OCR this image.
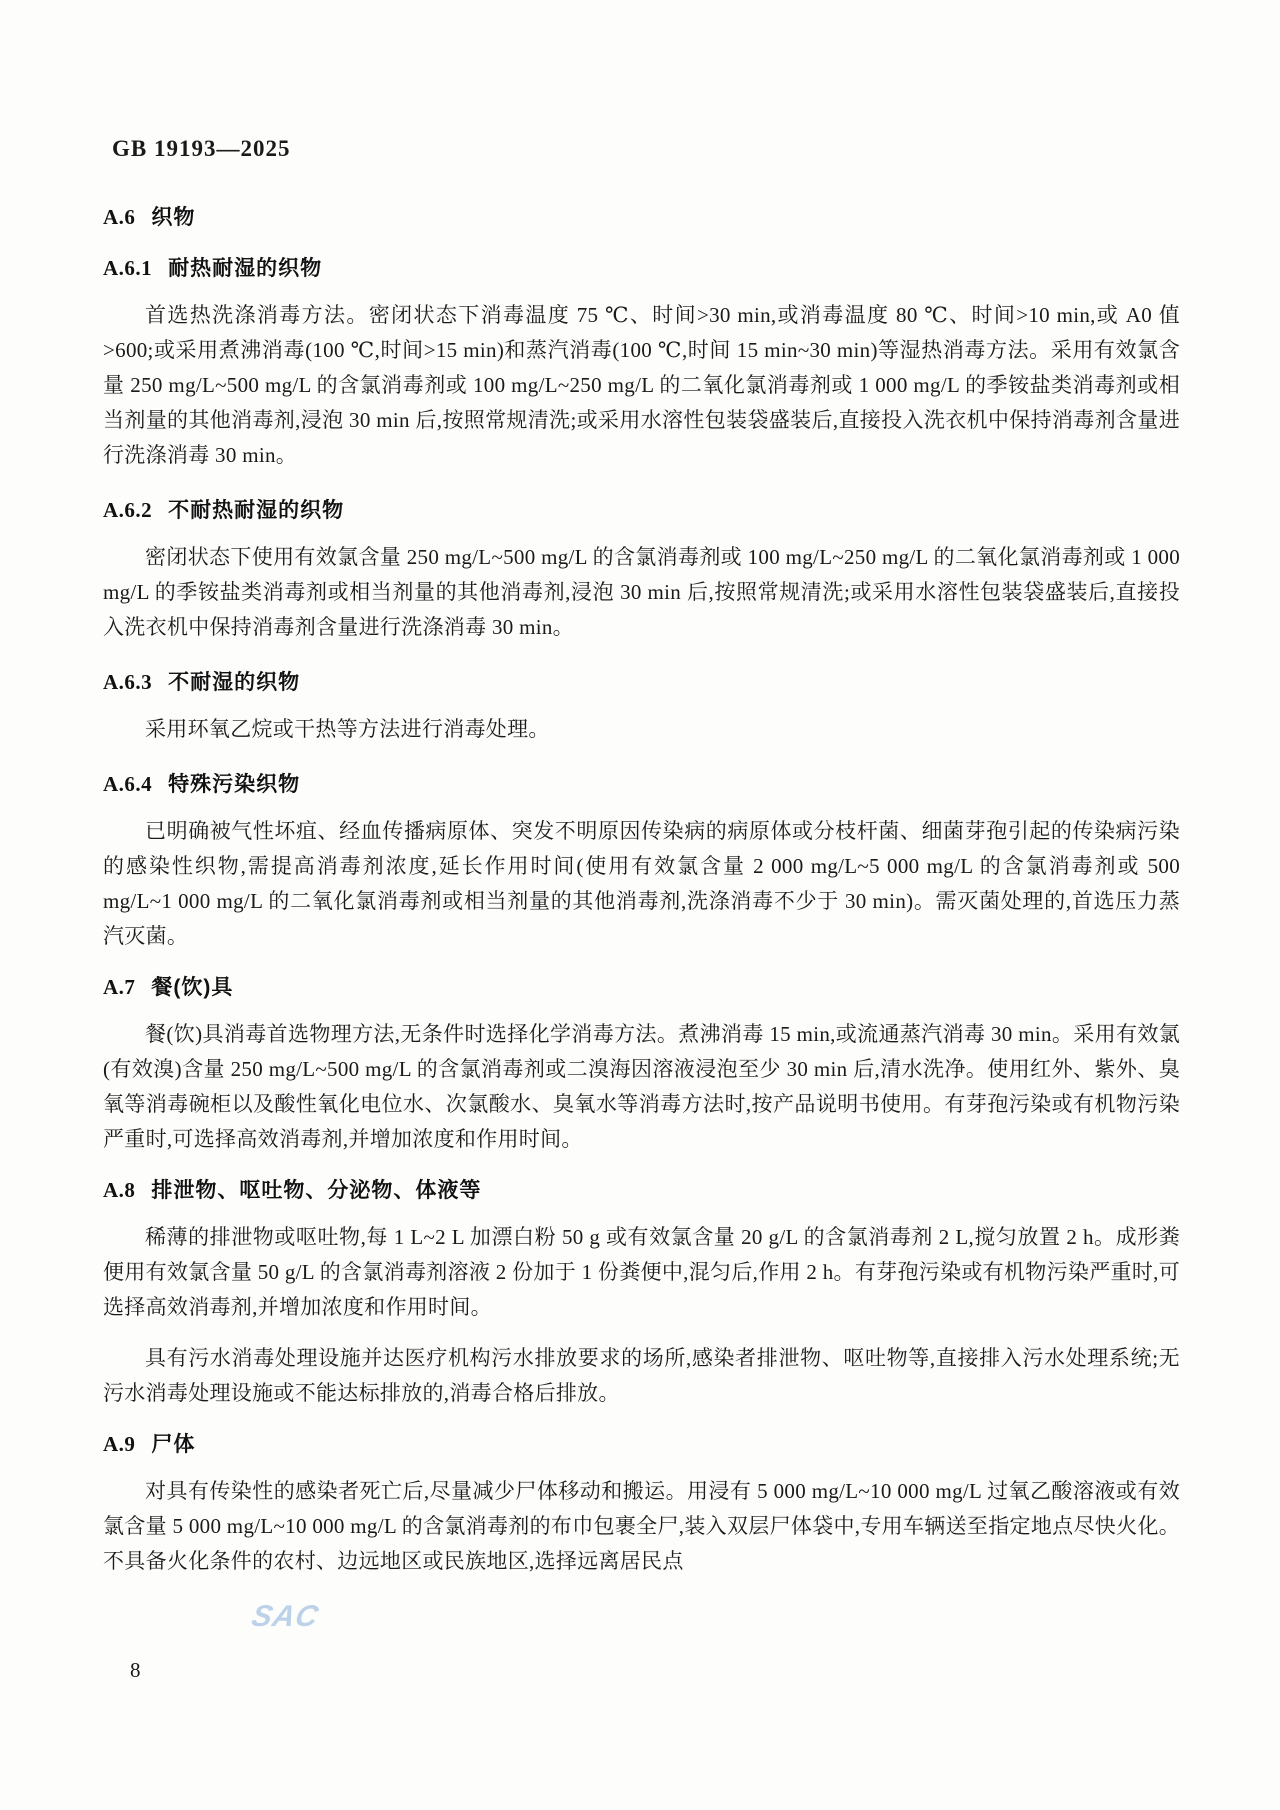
GB 19193—2025
SAC
A.6 织物
A.6.1 耐热耐湿的织物

首选热洗涤消毒方法。密闭状态下消毒温度 75 ℃、时间>30 min,或消毒温度 80 ℃、时间>10 min,或 A0 值>600;或采用煮沸消毒(100 ℃,时间>15 min)和蒸汽消毒(100 ℃,时间 15 min~30 min)等湿热消毒方法。采用有效氯含量 250 mg/L~500 mg/L 的含氯消毒剂或 100 mg/L~250 mg/L 的二氧化氯消毒剂或 1 000 mg/L 的季铵盐类消毒剂或相当剂量的其他消毒剂,浸泡 30 min 后,按照常规清洗;或采用水溶性包装袋盛装后,直接投入洗衣机中保持消毒剂含量进行洗涤消毒 30 min。

A.6.2 不耐热耐湿的织物

密闭状态下使用有效氯含量 250 mg/L~500 mg/L 的含氯消毒剂或 100 mg/L~250 mg/L 的二氧化氯消毒剂或 1 000 mg/L 的季铵盐类消毒剂或相当剂量的其他消毒剂,浸泡 30 min 后,按照常规清洗;或采用水溶性包装袋盛装后,直接投入洗衣机中保持消毒剂含量进行洗涤消毒 30 min。

A.6.3 不耐湿的织物

采用环氧乙烷或干热等方法进行消毒处理。

A.6.4 特殊污染织物

已明确被气性坏疽、经血传播病原体、突发不明原因传染病的病原体或分枝杆菌、细菌芽孢引起的传染病污染的感染性织物,需提高消毒剂浓度,延长作用时间(使用有效氯含量 2 000 mg/L~5 000 mg/L 的含氯消毒剂或 500 mg/L~1 000 mg/L 的二氧化氯消毒剂或相当剂量的其他消毒剂,洗涤消毒不少于 30 min)。需灭菌处理的,首选压力蒸汽灭菌。

A.7 餐(饮)具

餐(饮)具消毒首选物理方法,无条件时选择化学消毒方法。煮沸消毒 15 min,或流通蒸汽消毒 30 min。采用有效氯(有效溴)含量 250 mg/L~500 mg/L 的含氯消毒剂或二溴海因溶液浸泡至少 30 min 后,清水洗净。使用红外、紫外、臭氧等消毒碗柜以及酸性氧化电位水、次氯酸水、臭氧水等消毒方法时,按产品说明书使用。有芽孢污染或有机物污染严重时,可选择高效消毒剂,并增加浓度和作用时间。

A.8 排泄物、呕吐物、分泌物、体液等

稀薄的排泄物或呕吐物,每 1 L~2 L 加漂白粉 50 g 或有效氯含量 20 g/L 的含氯消毒剂 2 L,搅匀放置 2 h。成形粪便用有效氯含量 50 g/L 的含氯消毒剂溶液 2 份加于 1 份粪便中,混匀后,作用 2 h。有芽孢污染或有机物污染严重时,可选择高效消毒剂,并增加浓度和作用时间。

具有污水消毒处理设施并达医疗机构污水排放要求的场所,感染者排泄物、呕吐物等,直接排入污水处理系统;无污水消毒处理设施或不能达标排放的,消毒合格后排放。

A.9 尸体

对具有传染性的感染者死亡后,尽量减少尸体移动和搬运。用浸有 5 000 mg/L~10 000 mg/L 过氧乙酸溶液或有效氯含量 5 000 mg/L~10 000 mg/L 的含氯消毒剂的布巾包裹全尸,装入双层尸体袋中,专用车辆送至指定地点尽快火化。不具备火化条件的农村、边远地区或民族地区,选择远离居民点

8
